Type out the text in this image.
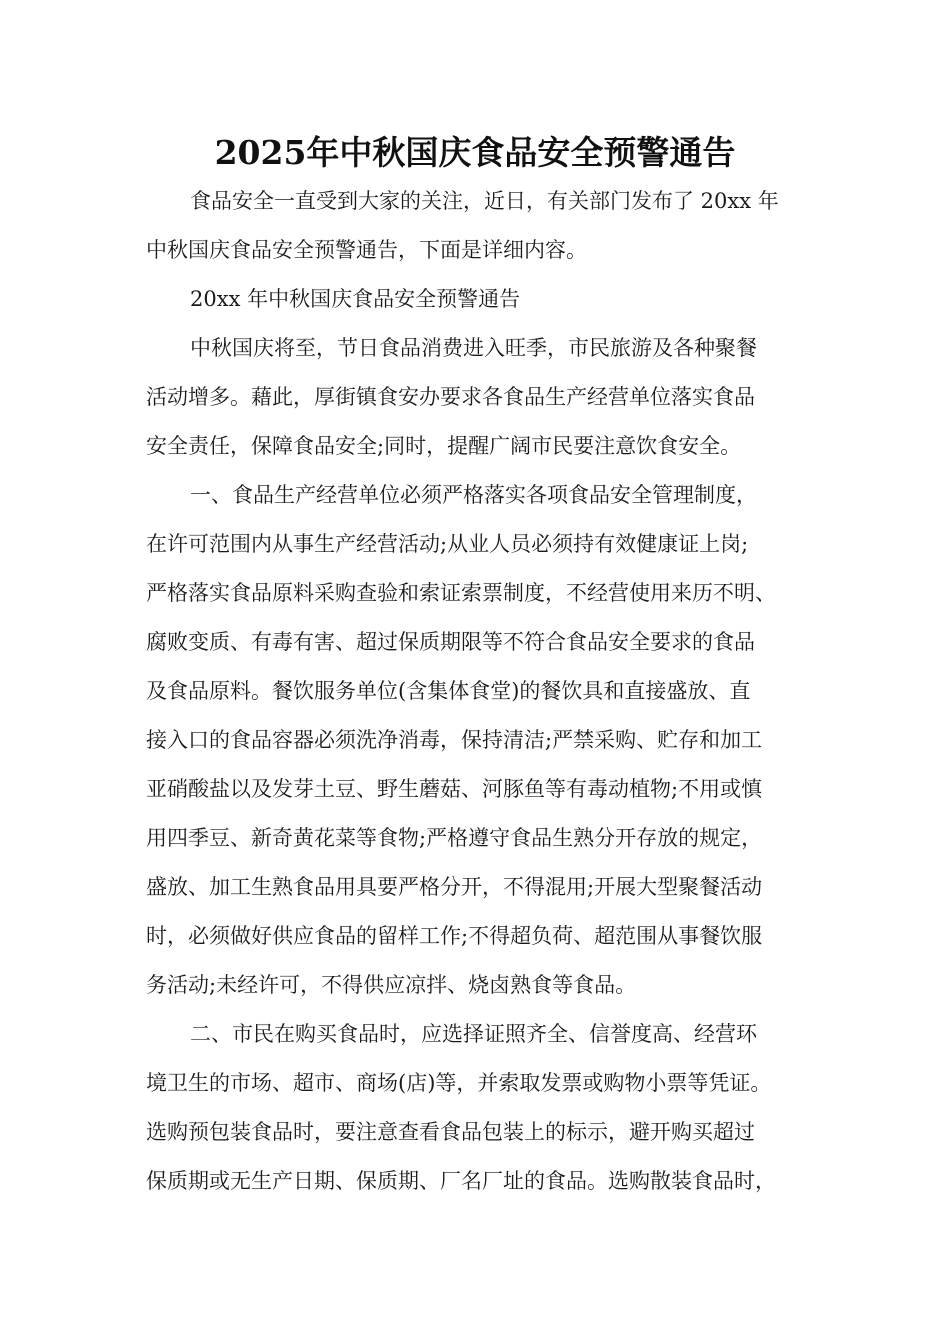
2025年中秋国庆食品安全预警通告
食品安全一直受到大家的关注，近日，有关部门发布了 20xx 年
中秋国庆食品安全预警通告，下面是详细内容。
20xx 年中秋国庆食品安全预警通告
中秋国庆将至，节日食品消费进入旺季，市民旅游及各种聚餐
活动增多。藉此，厚街镇食安办要求各食品生产经营单位落实食品
安全责任，保障食品安全;同时，提醒广阔市民要注意饮食安全。
一、食品生产经营单位必须严格落实各项食品安全管理制度，
在许可范围内从事生产经营活动;从业人员必须持有效健康证上岗;
严格落实食品原料采购查验和索证索票制度，不经营使用来历不明、
腐败变质、有毒有害、超过保质期限等不符合食品安全要求的食品
及食品原料。餐饮服务单位(含集体食堂)的餐饮具和直接盛放、直
接入口的食品容器必须洗净消毒，保持清洁;严禁采购、贮存和加工
亚硝酸盐以及发芽土豆、野生蘑菇、河豚鱼等有毒动植物;不用或慎
用四季豆、新奇黄花菜等食物;严格遵守食品生熟分开存放的规定，
盛放、加工生熟食品用具要严格分开，不得混用;开展大型聚餐活动
时，必须做好供应食品的留样工作;不得超负荷、超范围从事餐饮服
务活动;未经许可，不得供应凉拌、烧卤熟食等食品。
二、市民在购买食品时，应选择证照齐全、信誉度高、经营环
境卫生的市场、超市、商场(店)等，并索取发票或购物小票等凭证。
选购预包装食品时，要注意查看食品包装上的标示，避开购买超过
保质期或无生产日期、保质期、厂名厂址的食品。选购散装食品时，
